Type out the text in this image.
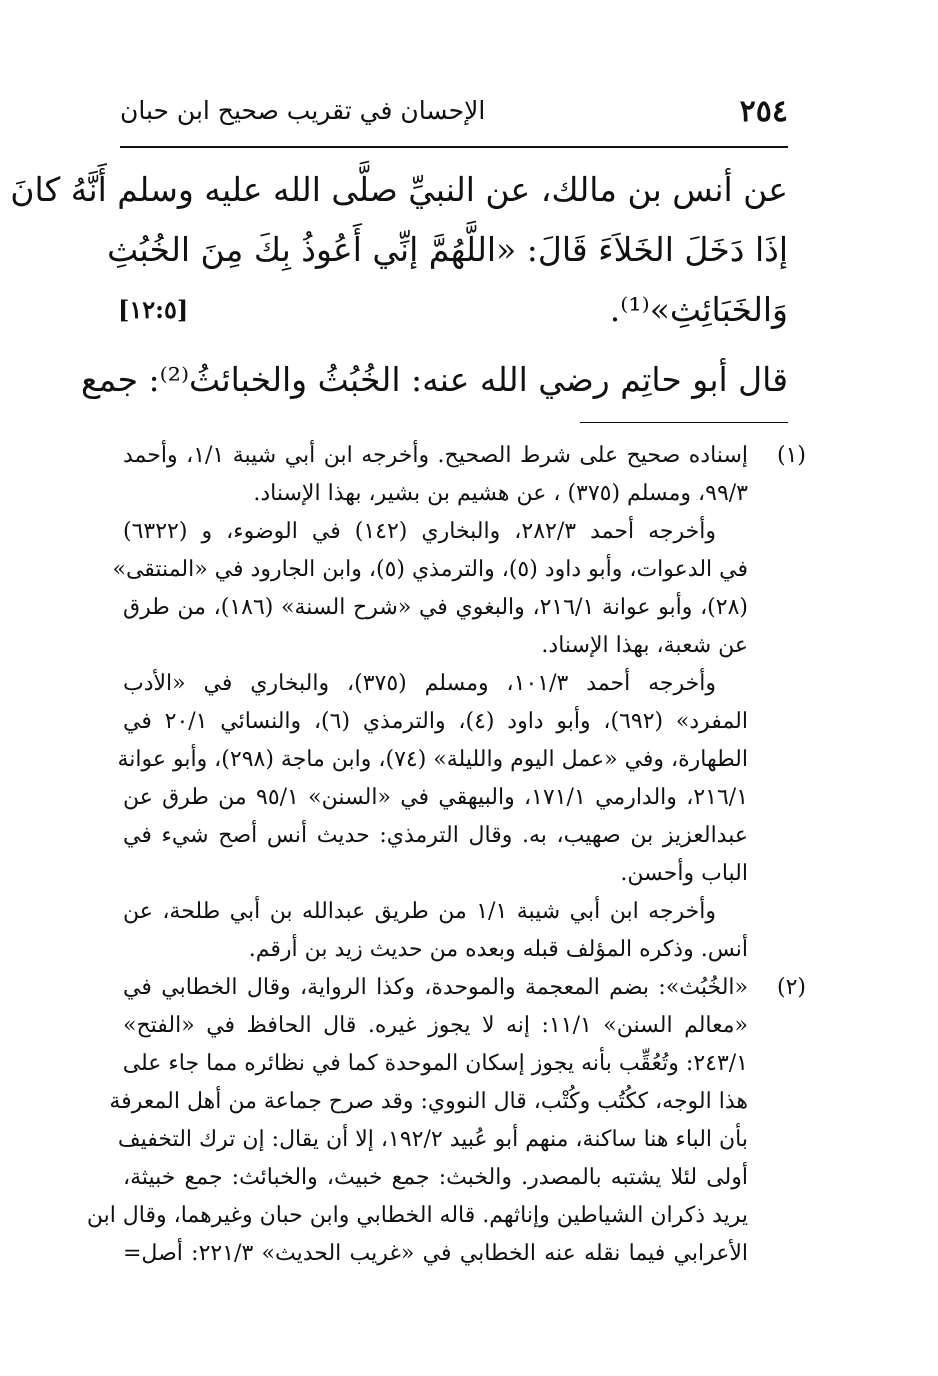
٢٥٤
الإحسان في تقريب صحيح ابن حبان
عن أنس بن مالك، عن النبيِّ صلَّى الله عليه وسلم أَنَّهُ كانَ
إذَا دَخَلَ الخَلاَءَ قَالَ: «اللَّهُمَّ إنِّي أَعُوذُ بِكَ مِنَ الخُبُثِ
وَالخَبَائِثِ»⁽¹⁾.
[١٢:٥]
قال أبو حاتِم رضي الله عنه: الخُبُثُ والخبائثُ⁽²⁾: جمع
(١)
إسناده صحيح على شرط الصحيح. وأخرجه ابن أبي شيبة ١/١، وأحمد
٩٩/٣، ومسلم (٣٧٥) ، عن هشيم بن بشير، بهذا الإسناد.
وأخرجه أحمد ٢٨٢/٣، والبخاري (١٤٢) في الوضوء، و (٦٣٢٢)
في الدعوات، وأبو داود (٥)، والترمذي (٥)، وابن الجارود في «المنتقى»
(٢٨)، وأبو عوانة ٢١٦/١، والبغوي في «شرح السنة» (١٨٦)، من طرق
عن شعبة، بهذا الإسناد.
وأخرجه أحمد ١٠١/٣، ومسلم (٣٧٥)، والبخاري في «الأدب
المفرد» (٦٩٢)، وأبو داود (٤)، والترمذي (٦)، والنسائي ٢٠/١ في
الطهارة، وفي «عمل اليوم والليلة» (٧٤)، وابن ماجة (٢٩٨)، وأبو عوانة
٢١٦/١، والدارمي ١٧١/١، والبيهقي في «السنن» ٩٥/١ من طرق عن
عبدالعزيز بن صهيب، به. وقال الترمذي: حديث أنس أصح شيء في
الباب وأحسن.
وأخرجه ابن أبي شيبة ١/١ من طريق عبدالله بن أبي طلحة، عن
أنس. وذكره المؤلف قبله وبعده من حديث زيد بن أرقم.
(٢)
«الخُبُث»: بضم المعجمة والموحدة، وكذا الرواية، وقال الخطابي في
«معالم السنن» ١١/١: إنه لا يجوز غيره. قال الحافظ في «الفتح»
٢٤٣/١: وتُعُقِّب بأنه يجوز إسكان الموحدة كما في نظائره مما جاء على
هذا الوجه، ككُتُب وكُتْب، قال النووي: وقد صرح جماعة من أهل المعرفة
بأن الباء هنا ساكنة، منهم أبو عُبيد ١٩٢/٢، إلا أن يقال: إن ترك التخفيف
أولى لئلا يشتبه بالمصدر. والخبث: جمع خبيث، والخبائث: جمع خبيثة،
يريد ذكران الشياطين وإناثهم. قاله الخطابي وابن حبان وغيرهما، وقال ابن
الأعرابي فيما نقله عنه الخطابي في «غريب الحديث» ٢٢١/٣: أصل=
